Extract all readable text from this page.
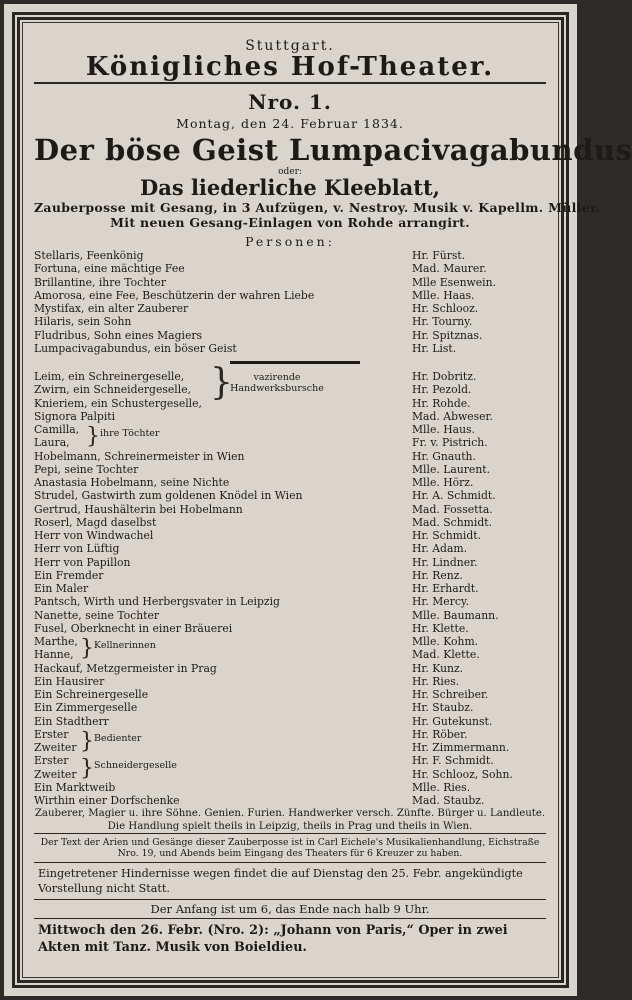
Stuttgart.
Königliches Hof-Theater.
Nro. 1.
Montag, den 24. Februar 1834.
Der böse Geist Lumpacivagabundus
oder:
Das liederliche Kleeblatt,
Zauberposse mit Gesang, in 3 Aufzügen, v. Nestroy. Musik v. Kapellm. Müller.
Mit neuen Gesang-Einlagen von Rohde arrangirt.
Personen:
Stellaris, Feenkönig	Hr. Fürst.
Fortuna, eine mächtige Fee	Mad. Maurer.
Brillantine, ihre Tochter	Mlle Esenwein.
Amorosa, eine Fee, Beschützerin der wahren Liebe	Mlle. Haas.
Mystifax, ein alter Zauberer	Hr. Schlooz.
Hilaris, sein Sohn	Hr. Tourny.
Fludribus, Sohn eines Magiers	Hr. Spitznas.
Lumpacivagabundus, ein böser Geist	Hr. List.
}	vazirende Handwerksbursche
} ihre Töchter
} Kellnerinnen
} Bedienter
} Schneidergeselle
Leim, ein Schreinergeselle,	Hr. Dobritz.
Zwirn, ein Schneidergeselle,	Hr. Pezold.
Knieriem, ein Schustergeselle,	Hr. Rohde.
Signora Palpiti	Mad. Abweser.
Camilla,	Mlle. Haus.
Laura,	Fr. v. Pistrich.
Hobelmann, Schreinermeister in Wien	Hr. Gnauth.
Pepi, seine Tochter	Mlle. Laurent.
Anastasia Hobelmann, seine Nichte	Mlle. Hörz.
Strudel, Gastwirth zum goldenen Knödel in Wien	Hr. A. Schmidt.
Gertrud, Haushälterin bei Hobelmann	Mad. Fossetta.
Roserl, Magd daselbst	Mad. Schmidt.
Herr von Windwachel	Hr. Schmidt.
Herr von Lüftig	Hr. Adam.
Herr von Papillon	Hr. Lindner.
Ein Fremder	Hr. Renz.
Ein Maler	Hr. Erhardt.
Pantsch, Wirth und Herbergsvater in Leipzig	Hr. Mercy.
Nanette, seine Tochter	Mlle. Baumann.
Fusel, Oberknecht in einer Bräuerei	Hr. Klette.
Marthe,	Mlle. Kohm.
Hanne,	Mad. Klette.
Hackauf, Metzgermeister in Prag	Hr. Kunz.
Ein Hausirer	Hr. Ries.
Ein Schreinergeselle	Hr. Schreiber.
Ein Zimmergeselle	Hr. Staubz.
Ein Stadtherr	Hr. Gutekunst.
Erster	Hr. Röber.
Zweiter	Hr. Zimmermann.
Erster	Hr. F. Schmidt.
Zweiter	Hr. Schlooz, Sohn.
Ein Marktweib	Mlle. Ries.
Wirthin einer Dorfschenke	Mad. Staubz.
Zauberer, Magier u. ihre Söhne. Genien. Furien. Handwerker versch. Zünfte. Bürger u. Landleute.
Die Handlung spielt theils in Leipzig, theils in Prag und theils in Wien.
Der Text der Arien und Gesänge dieser Zauberposse ist in Carl Eichele's Musikalienhandlung, Eichstraße Nro. 19, und Abends beim Eingang des Theaters für 6 Kreuzer zu haben.
Eingetretener Hindernisse wegen findet die auf Dienstag den 25. Febr. angekündigte Vorstellung nicht Statt.
Der Anfang ist um 6, das Ende nach halb 9 Uhr.
Mittwoch den 26. Febr. (Nro. 2): „Johann von Paris,“ Oper in zwei Akten mit Tanz. Musik von Boieldieu.
